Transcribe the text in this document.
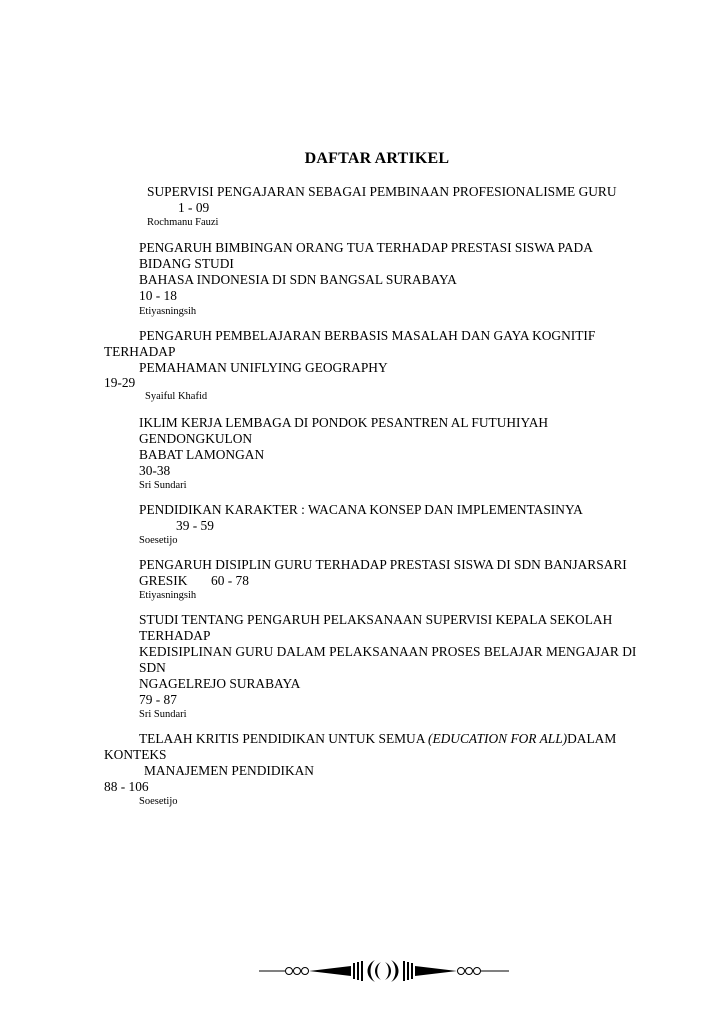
DAFTAR ARTIKEL
SUPERVISI PENGAJARAN SEBAGAI PEMBINAAN PROFESIONALISME GURU
1 - 09
Rochmanu Fauzi
PENGARUH BIMBINGAN ORANG TUA TERHADAP PRESTASI SISWA PADA
BIDANG STUDI
BAHASA INDONESIA DI SDN BANGSAL SURABAYA
10 - 18
Etiyasningsih
PENGARUH PEMBELAJARAN BERBASIS MASALAH DAN GAYA KOGNITIF
TERHADAP
PEMAHAMAN UNIFLYING GEOGRAPHY
19-29
Syaiful Khafid
IKLIM KERJA LEMBAGA DI PONDOK PESANTREN AL FUTUHIYAH
GENDONGKULON
BABAT LAMONGAN
30-38
Sri Sundari
PENDIDIKAN KARAKTER : WACANA KONSEP DAN IMPLEMENTASINYA
39 - 59
Soesetijo
PENGARUH DISIPLIN GURU TERHADAP PRESTASI SISWA DI SDN BANJARSARI
GRESIK 60 - 78
Etiyasningsih
STUDI TENTANG PENGARUH PELAKSANAAN SUPERVISI KEPALA SEKOLAH
TERHADAP
KEDISIPLINAN GURU DALAM PELAKSANAAN PROSES BELAJAR MENGAJAR DI
SDN
NGAGELREJO SURABAYA
79 - 87
Sri Sundari
TELAAH KRITIS PENDIDIKAN UNTUK SEMUA (EDUCATION FOR ALL)DALAM
KONTEKS
MANAJEMEN PENDIDIKAN
88 - 106
Soesetijo
